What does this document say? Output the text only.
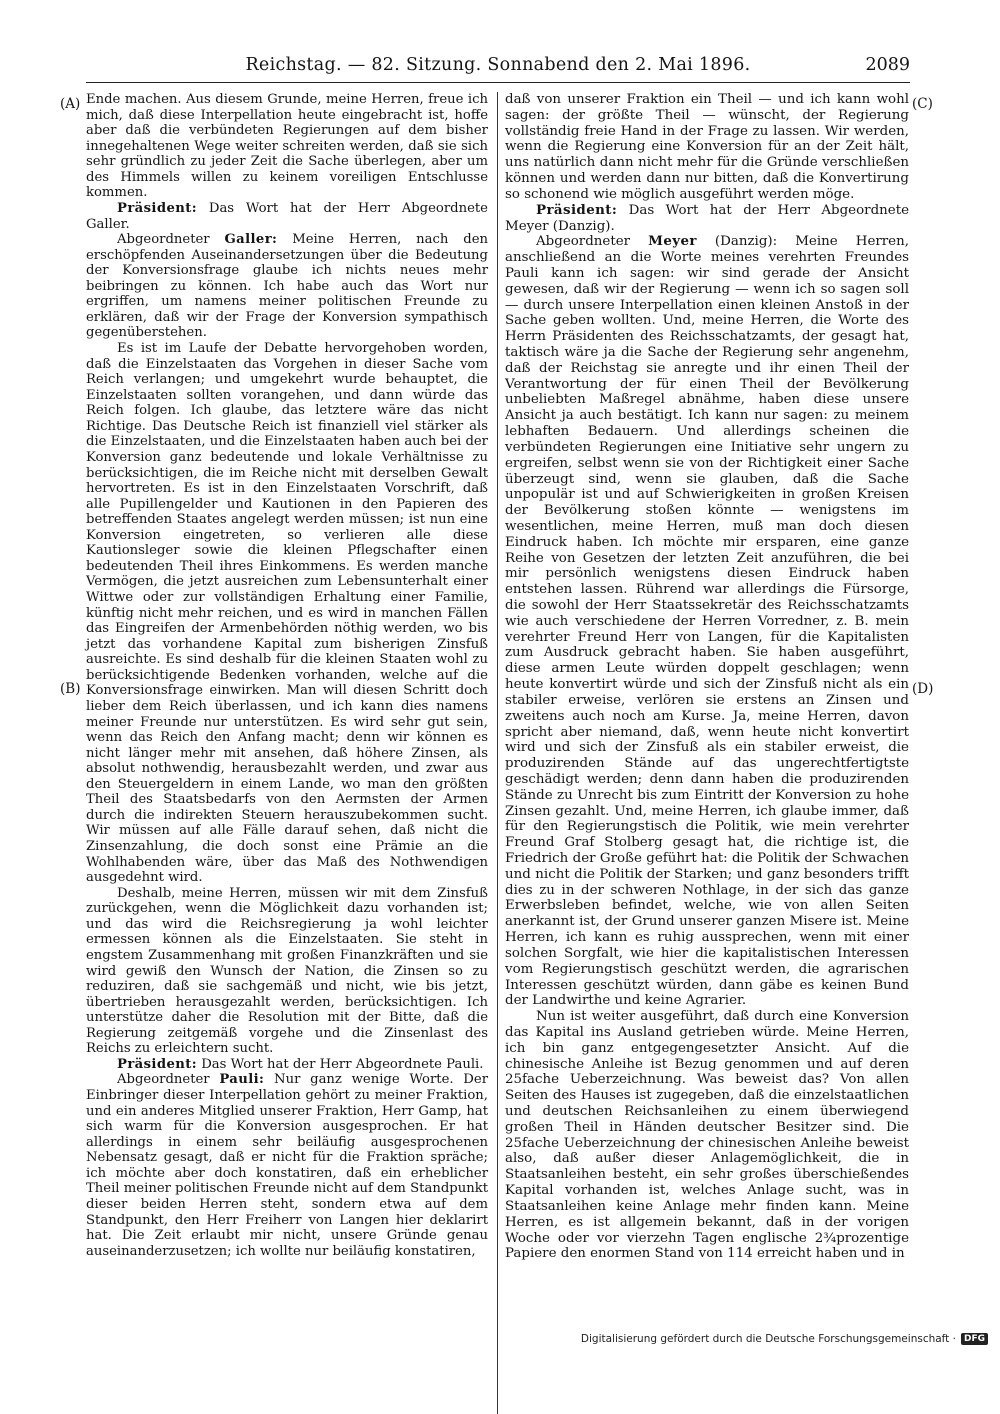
Reichstag. — 82. Sitzung. Sonnabend den 2. Mai 1896.	2089
(A)
(B)
(C)
(D)

Ende machen. Aus diesem Grunde, meine Herren, freue ich mich, daß diese Interpellation heute eingebracht ist, hoffe aber daß die verbündeten Regierungen auf dem bisher innegehaltenen Wege weiter schreiten werden, daß sie sich sehr gründlich zu jeder Zeit die Sache überlegen, aber um des Himmels willen zu keinem voreiligen Entschlusse kommen.

Präsident: Das Wort hat der Herr Abgeordnete Galler.

Abgeordneter Galler: Meine Herren, nach den erschöpfenden Auseinandersetzungen über die Bedeutung der Konversionsfrage glaube ich nichts neues mehr beibringen zu können. Ich habe auch das Wort nur ergriffen, um namens meiner politischen Freunde zu erklären, daß wir der Frage der Konversion sympathisch gegenüberstehen.

Es ist im Laufe der Debatte hervorgehoben worden, daß die Einzelstaaten das Vorgehen in dieser Sache vom Reich verlangen; und umgekehrt wurde behauptet, die Einzelstaaten sollten vorangehen, und dann würde das Reich folgen. Ich glaube, das letztere wäre das nicht Richtige. Das Deutsche Reich ist finanziell viel stärker als die Einzelstaaten, und die Einzelstaaten haben auch bei der Konversion ganz bedeutende und lokale Verhältnisse zu berücksichtigen, die im Reiche nicht mit derselben Gewalt hervortreten. Es ist in den Einzelstaaten Vorschrift, daß alle Pupillengelder und Kautionen in den Papieren des betreffenden Staates angelegt werden müssen; ist nun eine Konversion eingetreten, so verlieren alle diese Kautionsleger sowie die kleinen Pflegschafter einen bedeutenden Theil ihres Einkommens. Es werden manche Vermögen, die jetzt ausreichen zum Lebensunterhalt einer Wittwe oder zur vollständigen Erhaltung einer Familie, künftig nicht mehr reichen, und es wird in manchen Fällen das Eingreifen der Armenbehörden nöthig werden, wo bis jetzt das vorhandene Kapital zum bisherigen Zinsfuß ausreichte. Es sind deshalb für die kleinen Staaten wohl zu berücksichtigende Bedenken vorhanden, welche auf die Konversionsfrage einwirken. Man will diesen Schritt doch lieber dem Reich überlassen, und ich kann dies namens meiner Freunde nur unterstützen. Es wird sehr gut sein, wenn das Reich den Anfang macht; denn wir können es nicht länger mehr mit ansehen, daß höhere Zinsen, als absolut nothwendig, herausbezahlt werden, und zwar aus den Steuergeldern in einem Lande, wo man den größten Theil des Staatsbedarfs von den Aermsten der Armen durch die indirekten Steuern herauszubekommen sucht. Wir müssen auf alle Fälle darauf sehen, daß nicht die Zinsenzahlung, die doch sonst eine Prämie an die Wohlhabenden wäre, über das Maß des Nothwendigen ausgedehnt wird.

Deshalb, meine Herren, müssen wir mit dem Zinsfuß zurückgehen, wenn die Möglichkeit dazu vorhanden ist; und das wird die Reichsregierung ja wohl leichter ermessen können als die Einzelstaaten. Sie steht in engstem Zusammenhang mit großen Finanzkräften und sie wird gewiß den Wunsch der Nation, die Zinsen so zu reduziren, daß sie sachgemäß und nicht, wie bis jetzt, übertrieben herausgezahlt werden, berücksichtigen. Ich unterstütze daher die Resolution mit der Bitte, daß die Regierung zeitgemäß vorgehe und die Zinsenlast des Reichs zu erleichtern sucht.

Präsident: Das Wort hat der Herr Abgeordnete Pauli.

Abgeordneter Pauli: Nur ganz wenige Worte. Der Einbringer dieser Interpellation gehört zu meiner Fraktion, und ein anderes Mitglied unserer Fraktion, Herr Gamp, hat sich warm für die Konversion ausgesprochen. Er hat allerdings in einem sehr beiläufig ausgesprochenen Nebensatz gesagt, daß er nicht für die Fraktion spräche; ich möchte aber doch konstatiren, daß ein erheblicher Theil meiner politischen Freunde nicht auf dem Standpunkt dieser beiden Herren steht, sondern etwa auf dem Standpunkt, den Herr Freiherr von Langen hier deklarirt hat. Die Zeit erlaubt mir nicht, unsere Gründe genau auseinanderzusetzen; ich wollte nur beiläufig konstatiren,

daß von unserer Fraktion ein Theil — und ich kann wohl sagen: der größte Theil — wünscht, der Regierung vollständig freie Hand in der Frage zu lassen. Wir werden, wenn die Regierung eine Konversion für an der Zeit hält, uns natürlich dann nicht mehr für die Gründe verschließen können und werden dann nur bitten, daß die Konvertirung so schonend wie möglich ausgeführt werden möge.

Präsident: Das Wort hat der Herr Abgeordnete Meyer (Danzig).

Abgeordneter Meyer (Danzig): Meine Herren, anschließend an die Worte meines verehrten Freundes Pauli kann ich sagen: wir sind gerade der Ansicht gewesen, daß wir der Regierung — wenn ich so sagen soll — durch unsere Interpellation einen kleinen Anstoß in der Sache geben wollten. Und, meine Herren, die Worte des Herrn Präsidenten des Reichsschatzamts, der gesagt hat, taktisch wäre ja die Sache der Regierung sehr angenehm, daß der Reichstag sie anregte und ihr einen Theil der Verantwortung der für einen Theil der Bevölkerung unbeliebten Maßregel abnähme, haben diese unsere Ansicht ja auch bestätigt. Ich kann nur sagen: zu meinem lebhaften Bedauern. Und allerdings scheinen die verbündeten Regierungen eine Initiative sehr ungern zu ergreifen, selbst wenn sie von der Richtigkeit einer Sache überzeugt sind, wenn sie glauben, daß die Sache unpopulär ist und auf Schwierigkeiten in großen Kreisen der Bevölkerung stoßen könnte — wenigstens im wesentlichen, meine Herren, muß man doch diesen Eindruck haben. Ich möchte mir ersparen, eine ganze Reihe von Gesetzen der letzten Zeit anzuführen, die bei mir persönlich wenigstens diesen Eindruck haben entstehen lassen. Rührend war allerdings die Fürsorge, die sowohl der Herr Staatssekretär des Reichsschatzamts wie auch verschiedene der Herren Vorredner, z. B. mein verehrter Freund Herr von Langen, für die Kapitalisten zum Ausdruck gebracht haben. Sie haben ausgeführt, diese armen Leute würden doppelt geschlagen; wenn heute konvertirt würde und sich der Zinsfuß nicht als ein stabiler erweise, verlören sie erstens an Zinsen und zweitens auch noch am Kurse. Ja, meine Herren, davon spricht aber niemand, daß, wenn heute nicht konvertirt wird und sich der Zinsfuß als ein stabiler erweist, die produzirenden Stände auf das ungerechtfertigtste geschädigt werden; denn dann haben die produzirenden Stände zu Unrecht bis zum Eintritt der Konversion zu hohe Zinsen gezahlt. Und, meine Herren, ich glaube immer, daß für den Regierungstisch die Politik, wie mein verehrter Freund Graf Stolberg gesagt hat, die richtige ist, die Friedrich der Große geführt hat: die Politik der Schwachen und nicht die Politik der Starken; und ganz besonders trifft dies zu in der schweren Nothlage, in der sich das ganze Erwerbsleben befindet, welche, wie von allen Seiten anerkannt ist, der Grund unserer ganzen Misere ist. Meine Herren, ich kann es ruhig aussprechen, wenn mit einer solchen Sorgfalt, wie hier die kapitalistischen Interessen vom Regierungstisch geschützt werden, die agrarischen Interessen geschützt würden, dann gäbe es keinen Bund der Landwirthe und keine Agrarier.

Nun ist weiter ausgeführt, daß durch eine Konversion das Kapital ins Ausland getrieben würde. Meine Herren, ich bin ganz entgegengesetzter Ansicht. Auf die chinesische Anleihe ist Bezug genommen und auf deren 25fache Ueberzeichnung. Was beweist das? Von allen Seiten des Hauses ist zugegeben, daß die einzelstaatlichen und deutschen Reichsanleihen zu einem überwiegend großen Theil in Händen deutscher Besitzer sind. Die 25fache Ueberzeichnung der chinesischen Anleihe beweist also, daß außer dieser Anlagemöglichkeit, die in Staatsanleihen besteht, ein sehr großes überschießendes Kapital vorhanden ist, welches Anlage sucht, was in Staatsanleihen keine Anlage mehr finden kann. Meine Herren, es ist allgemein bekannt, daß in der vorigen Woche oder vor vierzehn Tagen englische 2¾prozentige Papiere den enormen Stand von 114 erreicht haben und in

Digitalisierung gefördert durch die Deutsche Forschungsgemeinschaft · DFG
